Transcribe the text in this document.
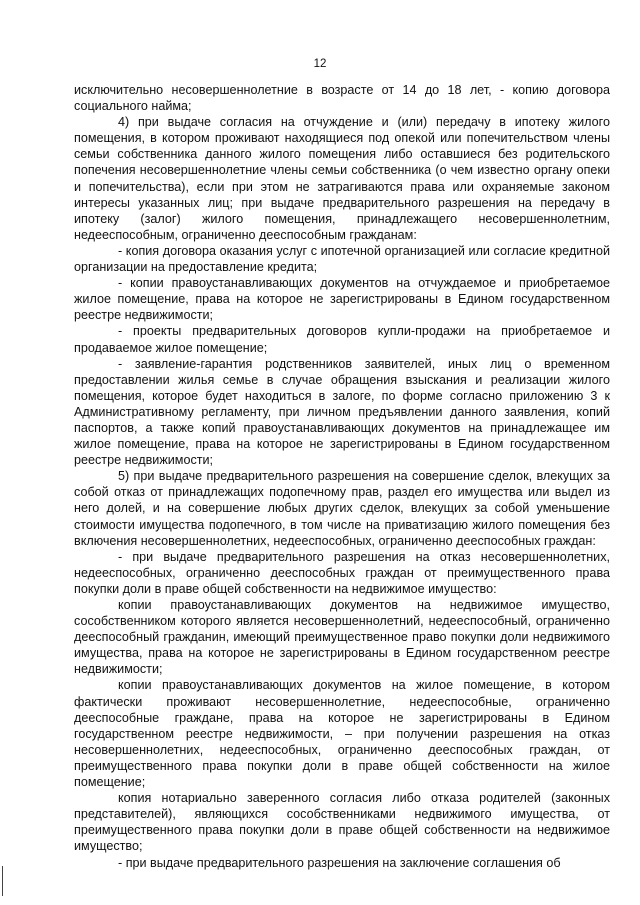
12

исключительно несовершеннолетние в возрасте от 14 до 18 лет, - копию договора социального найма;

4) при выдаче согласия на отчуждение и (или) передачу в ипотеку жилого помещения, в котором проживают находящиеся под опекой или попечительством члены семьи собственника данного жилого помещения либо оставшиеся без родительского попечения несовершеннолетние члены семьи собственника (о чем известно органу опеки и попечительства), если при этом не затрагиваются права или охраняемые законом интересы указанных лиц; при выдаче предварительного разрешения на передачу в ипотеку (залог) жилого помещения, принадлежащего несовершеннолетним, недееспособным, ограниченно дееспособным гражданам:

- копия договора оказания услуг с ипотечной организацией или согласие кредитной организации на предоставление кредита;

- копии правоустанавливающих документов на отчуждаемое и приобретаемое жилое помещение, права на которое не зарегистрированы в Едином государственном реестре недвижимости;

- проекты предварительных договоров купли-продажи на приобретаемое и продаваемое жилое помещение;

- заявление-гарантия родственников заявителей, иных лиц о временном предоставлении жилья семье в случае обращения взыскания и реализации жилого помещения, которое будет находиться в залоге, по форме согласно приложению 3 к Административному регламенту, при личном предъявлении данного заявления, копий паспортов, а также копий правоустанавливающих документов на принадлежащее им жилое помещение, права на которое не зарегистрированы в Едином государственном реестре недвижимости;

5) при выдаче предварительного разрешения на совершение сделок, влекущих за собой отказ от принадлежащих подопечному прав, раздел его имущества или выдел из него долей, и на совершение любых других сделок, влекущих за собой уменьшение стоимости имущества подопечного, в том числе на приватизацию жилого помещения без включения несовершеннолетних, недееспособных, ограниченно дееспособных граждан:

- при выдаче предварительного разрешения на отказ несовершеннолетних, недееспособных, ограниченно дееспособных граждан от преимущественного права покупки доли в праве общей собственности на недвижимое имущество:

копии правоустанавливающих документов на недвижимое имущество, сособственником которого является несовершеннолетний, недееспособный, ограниченно дееспособный гражданин, имеющий преимущественное право покупки доли недвижимого имущества, права на которое не зарегистрированы в Едином государственном реестре недвижимости;

копии правоустанавливающих документов на жилое помещение, в котором фактически проживают несовершеннолетние, недееспособные, ограниченно дееспособные граждане, права на которое не зарегистрированы в Едином государственном реестре недвижимости, – при получении разрешения на отказ несовершеннолетних, недееспособных, ограниченно дееспособных граждан, от преимущественного права покупки доли в праве общей собственности на жилое помещение;

копия нотариально заверенного согласия либо отказа родителей (законных представителей), являющихся сособственниками недвижимого имущества, от преимущественного права покупки доли в праве общей собственности на недвижимое имущество;

- при выдаче предварительного разрешения на заключение соглашения об
